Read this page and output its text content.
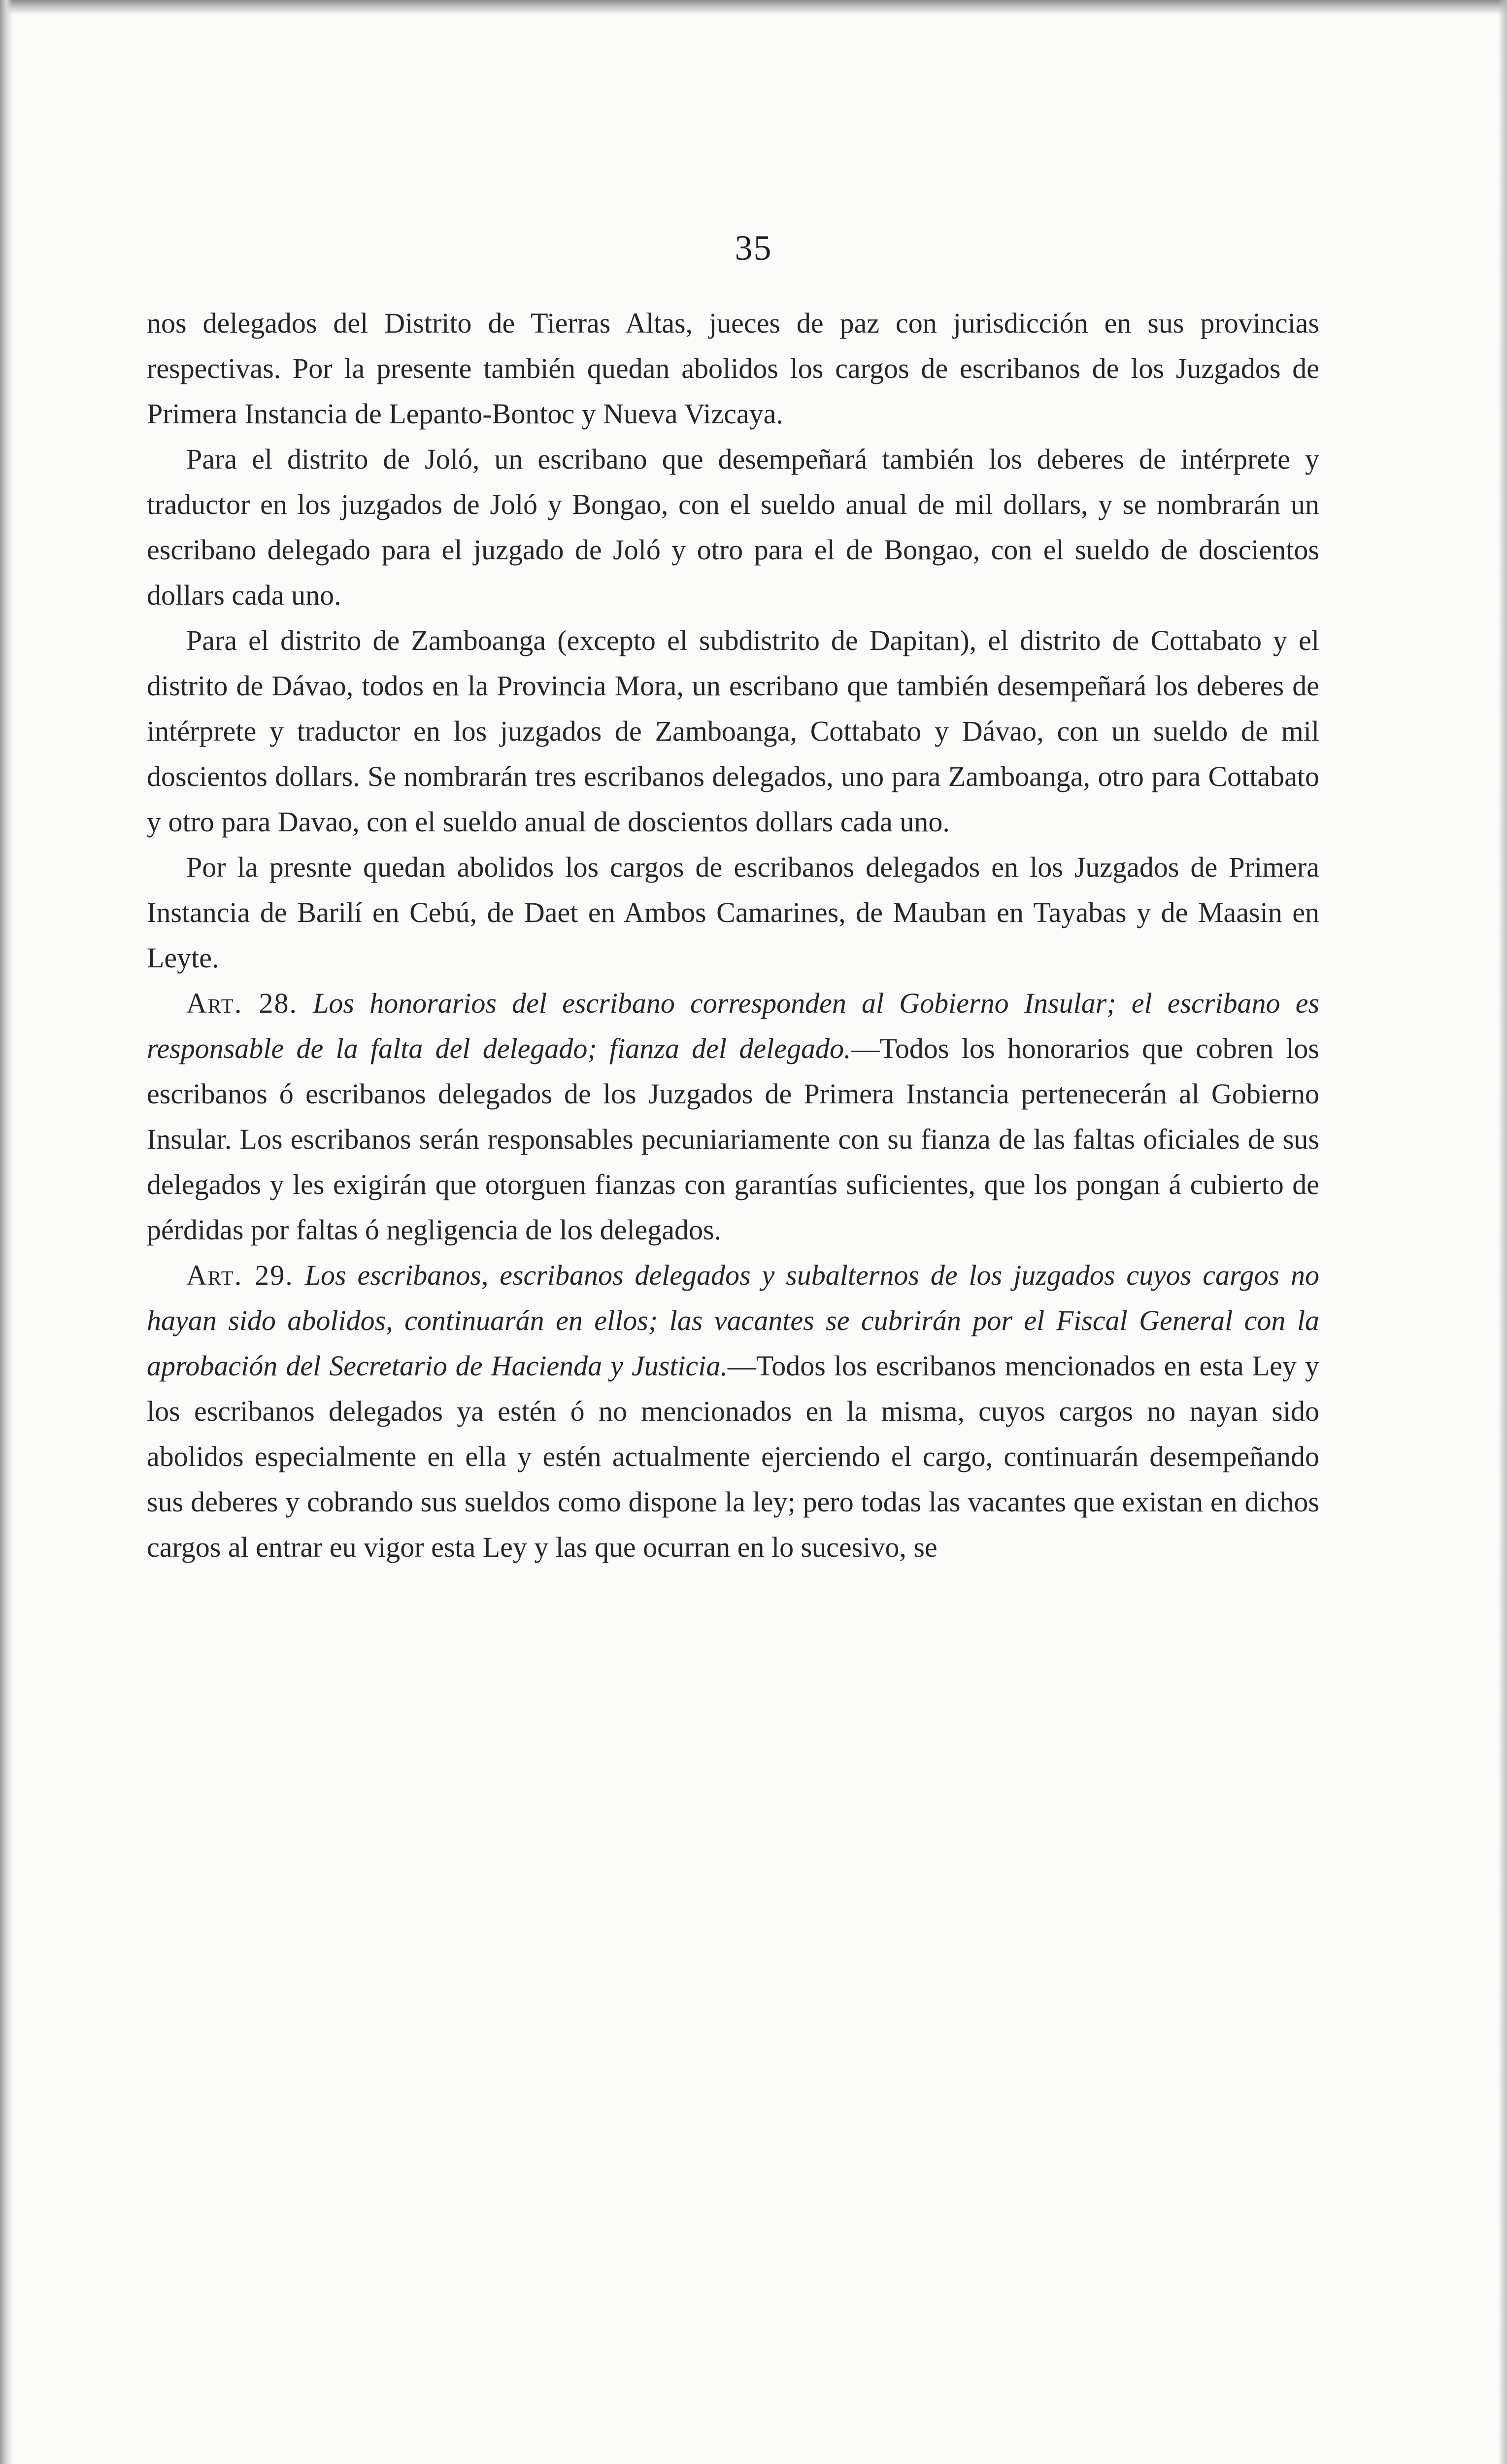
35

nos delegados del Distrito de Tierras Altas, jueces de paz con jurisdicción en sus provincias respectivas. Por la presente también quedan abolidos los cargos de escribanos de los Juzgados de Primera Instancia de Lepanto-Bontoc y Nueva Vizcaya.

Para el distrito de Joló, un escribano que desempeñará también los deberes de intérprete y traductor en los juzgados de Joló y Bongao, con el sueldo anual de mil dollars, y se nombrarán un escribano delegado para el juzgado de Joló y otro para el de Bongao, con el sueldo de doscientos dollars cada uno.

Para el distrito de Zamboanga (excepto el subdistrito de Dapitan), el distrito de Cottabato y el distrito de Dávao, todos en la Provincia Mora, un escribano que también desempeñará los deberes de intérprete y traductor en los juzgados de Zamboanga, Cottabato y Dávao, con un sueldo de mil doscientos dollars. Se nombrarán tres escribanos delegados, uno para Zamboanga, otro para Cottabato y otro para Davao, con el sueldo anual de doscientos dollars cada uno.

Por la presnte quedan abolidos los cargos de escribanos delegados en los Juzgados de Primera Instancia de Barilí en Cebú, de Daet en Ambos Camarines, de Mauban en Tayabas y de Maasin en Leyte.

Art. 28. Los honorarios del escribano corresponden al Gobierno Insular; el escribano es responsable de la falta del delegado; fianza del delegado.—Todos los honorarios que cobren los escribanos ó escribanos delegados de los Juzgados de Primera Instancia pertenecerán al Gobierno Insular. Los escribanos serán responsables pecuniariamente con su fianza de las faltas oficiales de sus delegados y les exigirán que otorguen fianzas con garantías suficientes, que los pongan á cubierto de pérdidas por faltas ó negligencia de los delegados.

Art. 29. Los escribanos, escribanos delegados y subalternos de los juzgados cuyos cargos no hayan sido abolidos, continuarán en ellos; las vacantes se cubrirán por el Fiscal General con la aprobación del Secretario de Hacienda y Justicia.—Todos los escribanos mencionados en esta Ley y los escribanos delegados ya estén ó no mencionados en la misma, cuyos cargos no nayan sido abolidos especialmente en ella y estén actualmente ejerciendo el cargo, continuarán desempeñando sus deberes y cobrando sus sueldos como dispone la ley; pero todas las vacantes que existan en dichos cargos al entrar eu vigor esta Ley y las que ocurran en lo sucesivo, se
